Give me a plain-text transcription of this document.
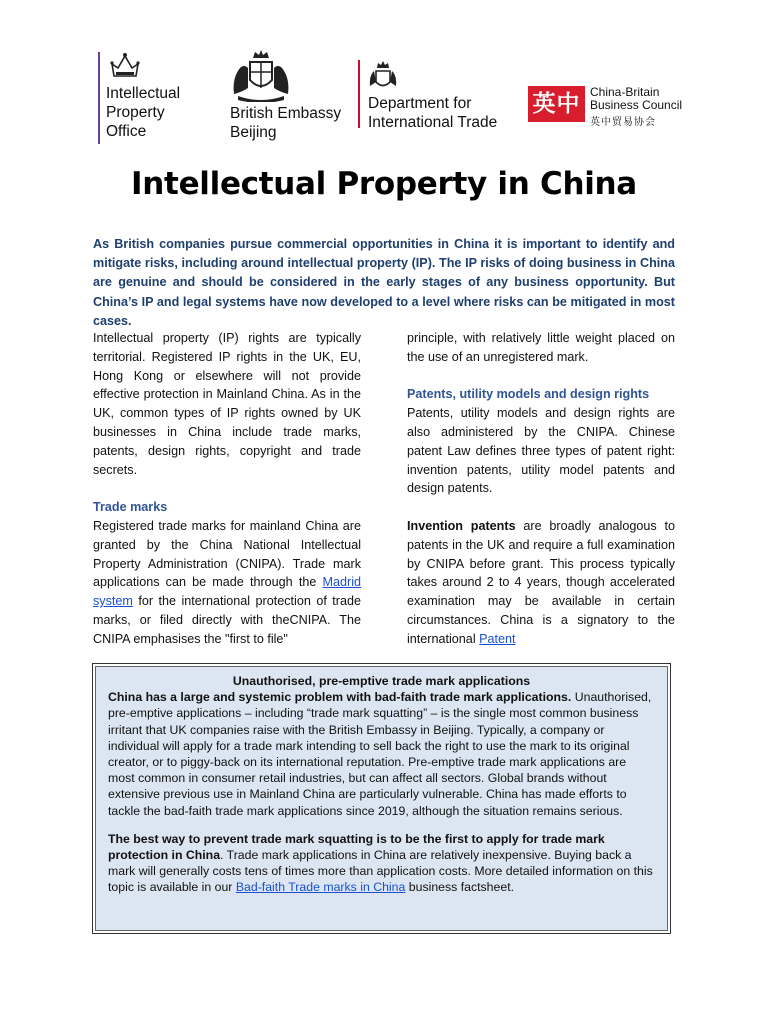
Intellectual
Property
Office
British Embassy
Beijing
Department for
International Trade
英中 China-Britain
Business Council
英中贸易协会
Intellectual Property in China

As British companies pursue commercial opportunities in China it is important to identify and mitigate risks, including around intellectual property (IP). The IP risks of doing business in China are genuine and should be considered in the early stages of any business opportunity. But China’s IP and legal systems have now developed to a level where risks can be mitigated in most cases.

Intellectual property (IP) rights are typically territorial. Registered IP rights in the UK, EU, Hong Kong or elsewhere will not provide effective protection in Mainland China. As in the UK, common types of IP rights owned by UK businesses in China include trade marks, patents, design rights, copyright and trade secrets.

Trade marks

Registered trade marks for mainland China are granted by the China National Intellectual Property Administration (CNIPA). Trade mark applications can be made through the Madrid system for the international protection of trade marks, or filed directly with theCNIPA. The CNIPA emphasises the "first to file"

principle, with relatively little weight placed on the use of an unregistered mark.

Patents, utility models and design rights

Patents, utility models and design rights are also administered by the CNIPA. Chinese patent Law defines three types of patent right: invention patents, utility model patents and design patents.

Invention patents are broadly analogous to patents in the UK and require a full examination by CNIPA before grant. This process typically takes around 2 to 4 years, though accelerated examination may be available in certain circumstances. China is a signatory to the international Patent

Unauthorised, pre-emptive trade mark applications

China has a large and systemic problem with bad-faith trade mark applications. Unauthorised, pre-emptive applications – including “trade mark squatting” – is the single most common business irritant that UK companies raise with the British Embassy in Beijing. Typically, a company or individual will apply for a trade mark intending to sell back the right to use the mark to its original creator, or to piggy-back on its international reputation. Pre-emptive trade mark applications are most common in consumer retail industries, but can affect all sectors. Global brands without extensive previous use in Mainland China are particularly vulnerable. China has made efforts to tackle the bad-faith trade mark applications since 2019, although the situation remains serious.

The best way to prevent trade mark squatting is to be the first to apply for trade mark protection in China. Trade mark applications in China are relatively inexpensive. Buying back a mark will generally costs tens of times more than application costs. More detailed information on this topic is available in our Bad-faith Trade marks in China business factsheet.
